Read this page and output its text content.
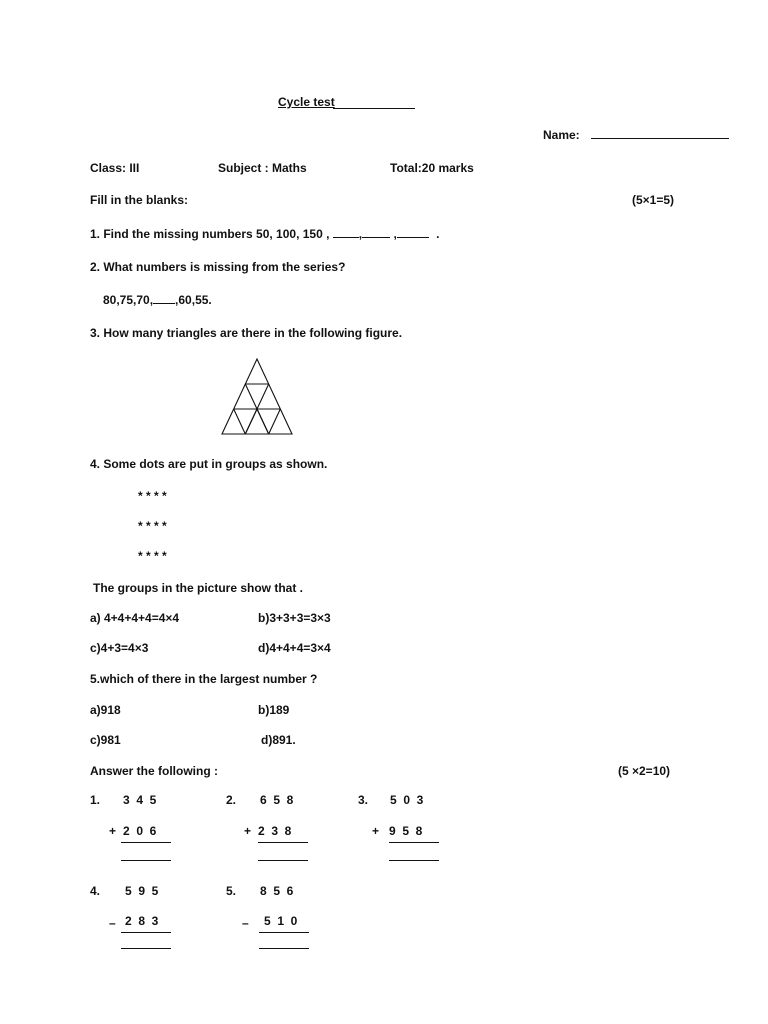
Cycle test
Name:
Class: III	Subject : Maths	Total:20 marks
Fill in the blanks:	(5×1=5)
1. Find the missing numbers 50, 100, 150 , , ,	.
2. What numbers is missing from the series?
80,75,70, ,60,55.
3. How many triangles are there in the following figure.
4. Some dots are put in groups as shown.
* * * *
* * * *
* * * *
The groups in the picture show that .
a) 4+4+4+4=4×4	b)3+3+3=3×3
c)4+3=4×3	d)4+4+4=3×4
5.which of there in the largest number ?
a)918	b)189
c)981	d)891.
Answer the following :	(5 ×2=10)
1. 3  4  5
+ 2  0  6
2. 6  5  8
+ 2  3  8
3. 5  0  3
+ 9  5  8
4. 5  9  5
– 2  8  3
5. 8  5  6
– 5  1  0
